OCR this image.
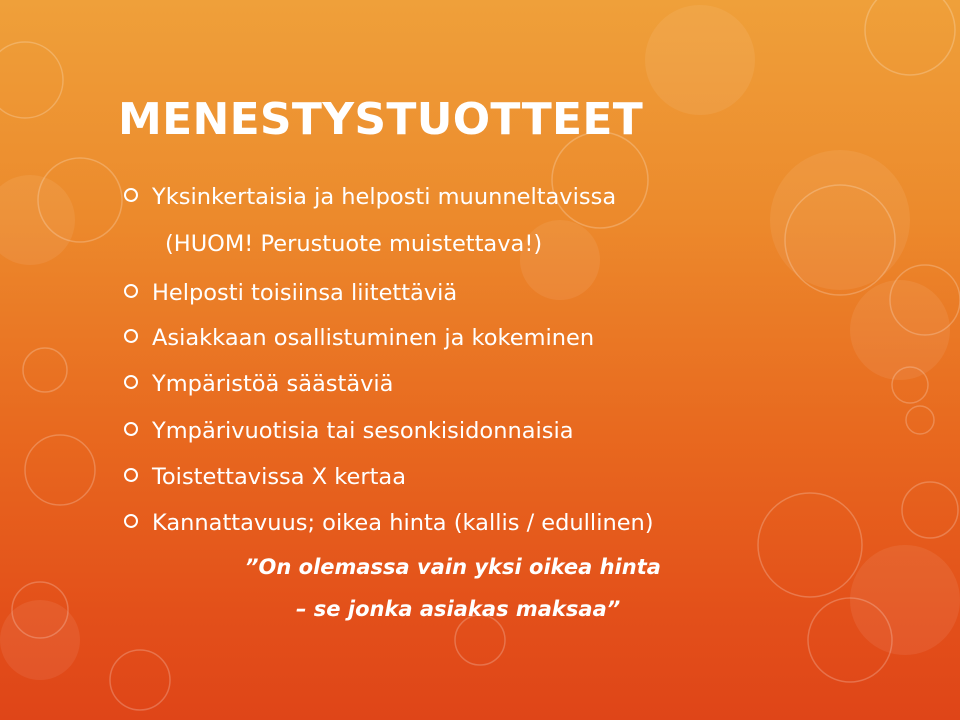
MENESTYSTUOTTEET
Yksinkertaisia ja helposti muunneltavissa
(HUOM! Perustuote muistettava!)
Helposti toisiinsa liitettäviä
Asiakkaan osallistuminen ja kokeminen
Ympäristöä säästäviä
Ympärivuotisia tai sesonkisidonnaisia
Toistettavissa X kertaa
Kannattavuus; oikea hinta (kallis / edullinen)
”On olemassa vain yksi oikea hinta
– se jonka asiakas maksaa”
